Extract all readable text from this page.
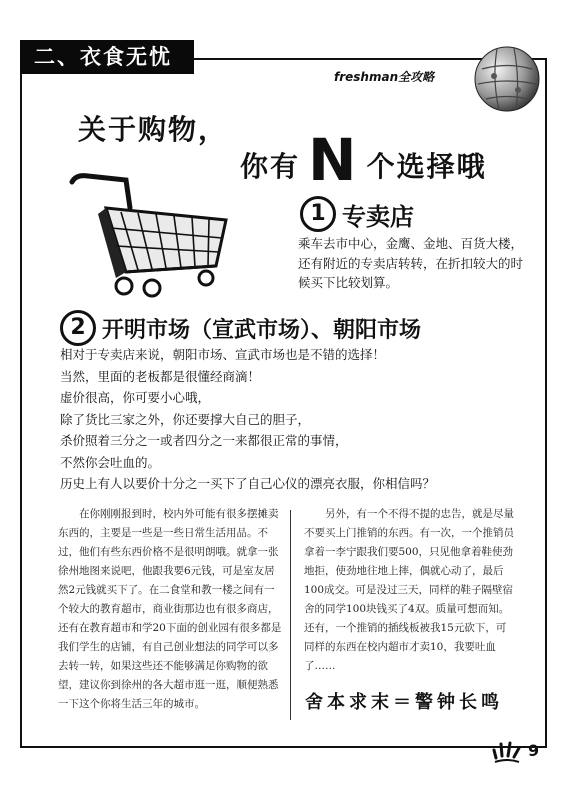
二、衣食无忧
freshman全攻略
关于购物，
你有 N 个选择哦
1 专卖店
乘车去市中心，金鹰、金地、百货大楼，还有附近的专卖店转转，在折扣较大的时候买下比较划算。
2 开明市场（宣武市场）、朝阳市场
相对于专卖店来说，朝阳市场、宣武市场也是不错的选择！
当然，里面的老板都是很懂经商滴！
虚价很高，你可要小心哦，
除了货比三家之外，你还要撑大自己的胆子，
杀价照着三分之一或者四分之一来都很正常的事情，
不然你会吐血的。
历史上有人以要价十分之一买下了自己心仪的漂亮衣服，你相信吗？
在你刚刚报到时，校内外可能有很多摆摊卖东西的，主要是一些是一些日常生活用品。不过，他们有些东西价格不是很明朗哦。就拿一张徐州地图来说吧，他跟我要6元钱，可是室友居然2元钱就买下了。在二食堂和教一楼之间有一个较大的教育超市，商业街那边也有很多商店，还有在教育超市和学20下面的创业园有很多都是我们学生的店铺，有自己创业想法的同学可以多去转一转，如果这些还不能够满足你购物的欲望，建议你到徐州的各大超市逛一逛，顺便熟悉一下这个你将生活三年的城市。
另外，有一个不得不提的忠告，就是尽量不要买上门推销的东西。有一次，一个推销员拿着一李宁跟我们要500，只见他拿着鞋使劲地拒，使劲地往地上摔，偶就心动了，最后100成交。可是没过三天，同样的鞋子隔壁宿舍的同学100块钱买了4双。质量可想而知。还有，一个推销的插线板被我15元砍下，可同样的东西在校内超市才卖10，我要吐血了……
舍本求末＝警钟长鸣
9
